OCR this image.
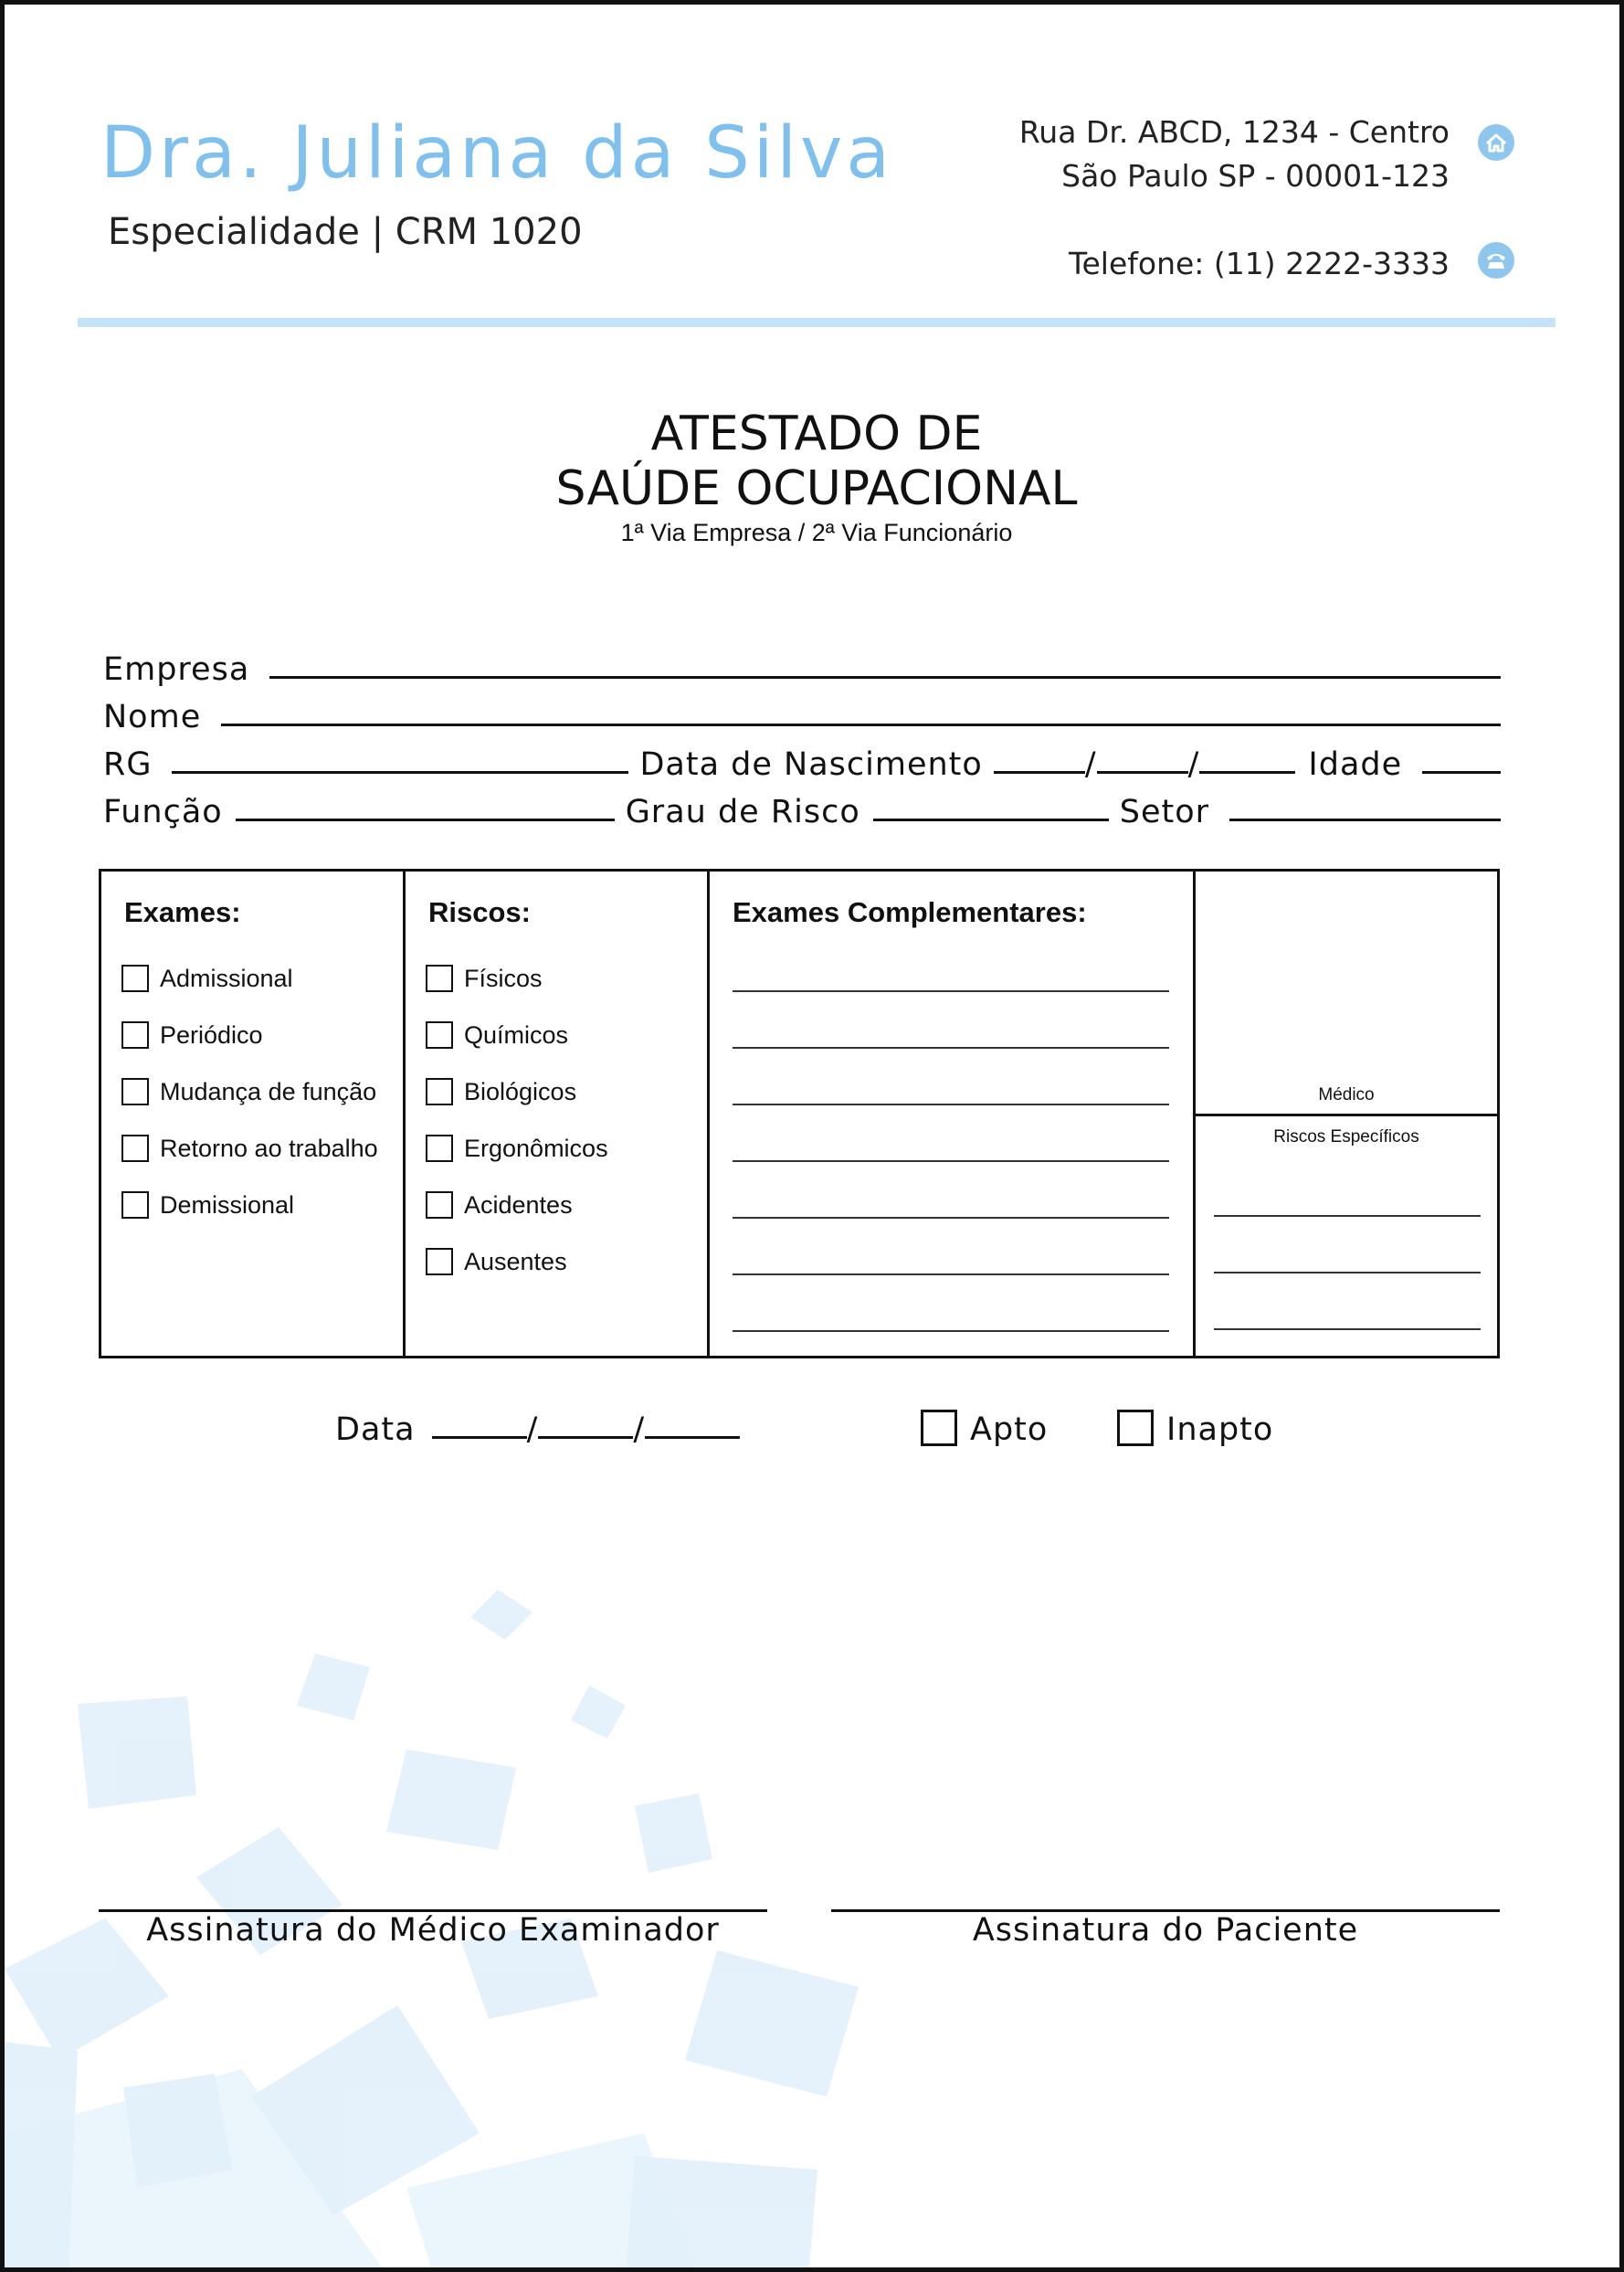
Dra. Juliana da Silva
Especialidade | CRM 1020
Rua Dr. ABCD, 1234 - Centro
São Paulo SP - 00001-123
Telefone: (11) 2222-3333
ATESTADO DE
SAÚDE OCUPACIONAL
1ª Via Empresa / 2ª Via Funcionário
Empresa
Nome
RG	Data de Nascimento	/	/	Idade
Função	Grau de Risco	Setor
Exames:
Admissional
Periódico
Mudança de função
Retorno ao trabalho
Demissional
Riscos:
Físicos
Químicos
Biológicos
Ergonômicos
Acidentes
Ausentes
Exames Complementares:
Médico
Riscos Específicos
Data	/	/	Apto	Inapto
Assinatura do Médico Examinador	Assinatura do Paciente
